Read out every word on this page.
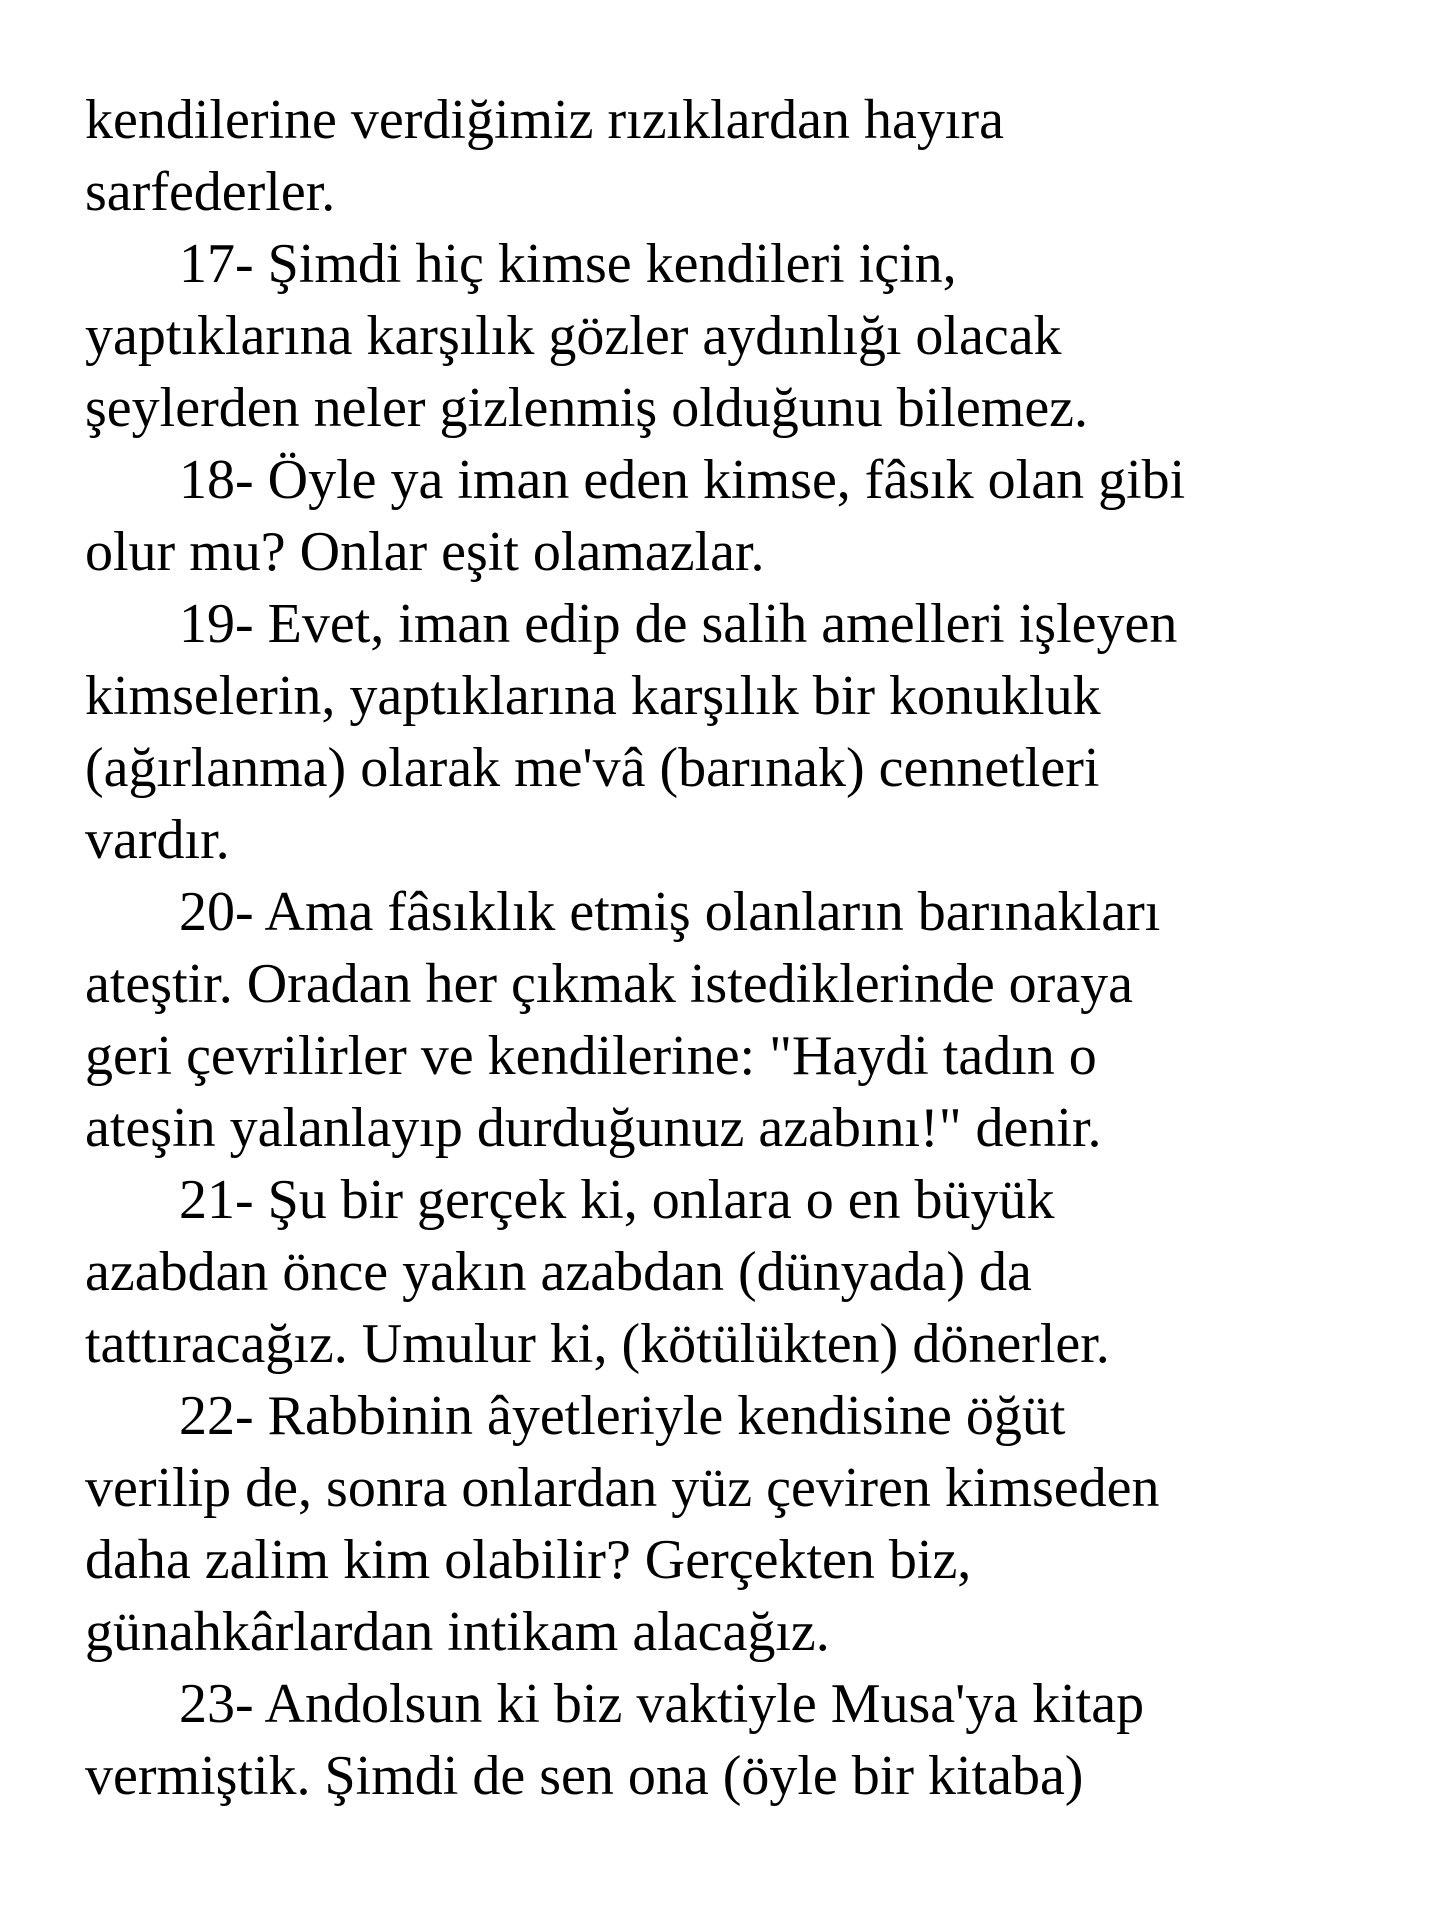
kendilerine verdiğimiz rızıklardan hayıra
sarfederler.
17- Şimdi hiç kimse kendileri için,
yaptıklarına karşılık gözler aydınlığı olacak
şeylerden neler gizlenmiş olduğunu bilemez.
18- Öyle ya iman eden kimse, fâsık olan gibi
olur mu? Onlar eşit olamazlar.
19- Evet, iman edip de salih amelleri işleyen
kimselerin, yaptıklarına karşılık bir konukluk
(ağırlanma) olarak me'vâ (barınak) cennetleri
vardır.
20- Ama fâsıklık etmiş olanların barınakları
ateştir. Oradan her çıkmak istediklerinde oraya
geri çevrilirler ve kendilerine: "Haydi tadın o
ateşin yalanlayıp durduğunuz azabını!" denir.
21- Şu bir gerçek ki, onlara o en büyük
azabdan önce yakın azabdan (dünyada) da
tattıracağız. Umulur ki, (kötülükten) dönerler.
22- Rabbinin âyetleriyle kendisine öğüt
verilip de, sonra onlardan yüz çeviren kimseden
daha zalim kim olabilir? Gerçekten biz,
günahkârlardan intikam alacağız.
23- Andolsun ki biz vaktiyle Musa'ya kitap
vermiştik. Şimdi de sen ona (öyle bir kitaba)
